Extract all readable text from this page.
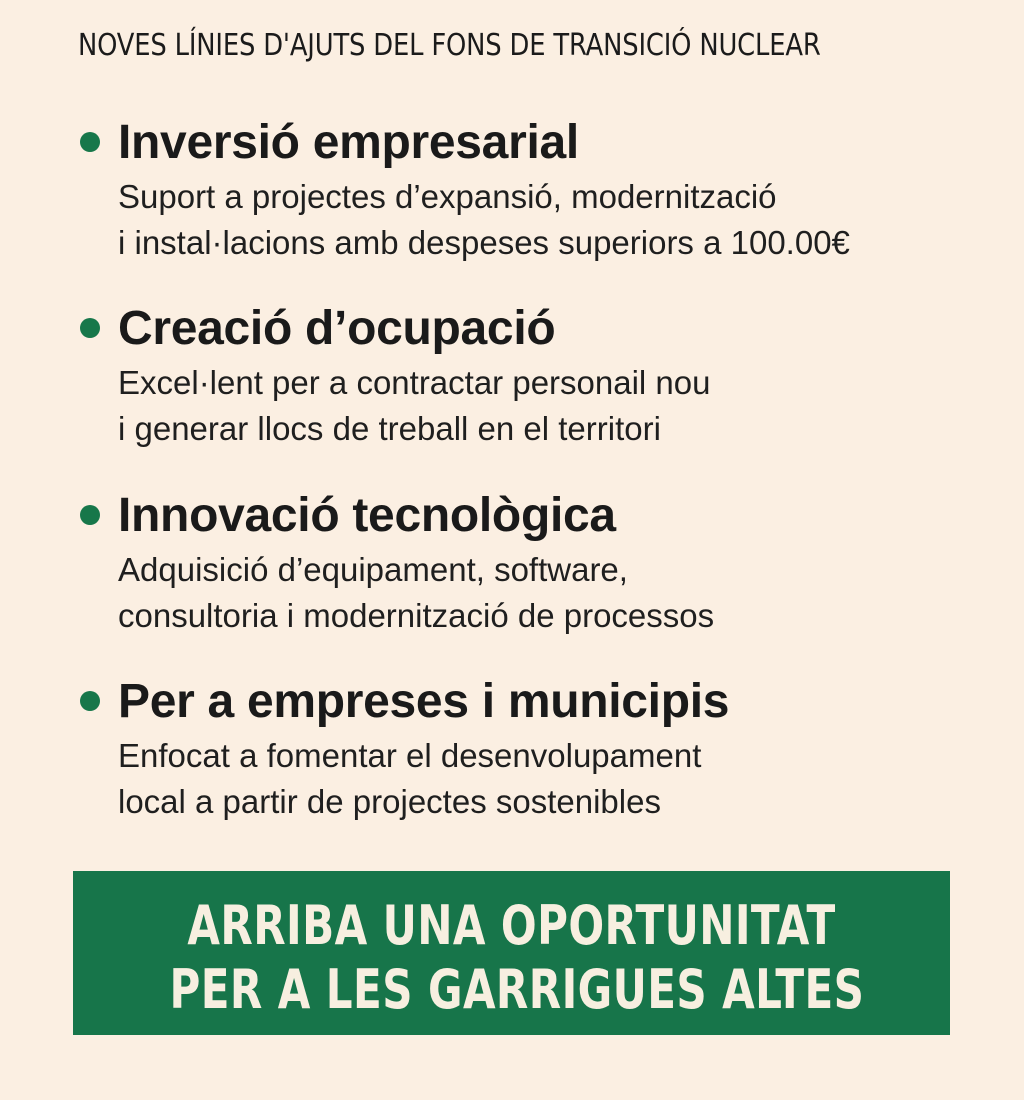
NOVES LÍNIES D'AJUTS DEL FONS DE TRANSICIÓ NUCLEAR
Inversió empresarial
Suport a projectes d’expansió, modernització
i instal·lacions amb despeses superiors a 100.00€
Creació d’ocupació
Excel·lent per a contractar personail nou
i generar llocs de treball en el territori
Innovació tecnològica
Adquisició d’equipament, software,
consultoria i modernització de processos
Per a empreses i municipis
Enfocat a fomentar el desenvolupament
local a partir de projectes sostenibles
ARRIBA UNA OPORTUNITAT
PER A LES GARRIGUES ALTES
